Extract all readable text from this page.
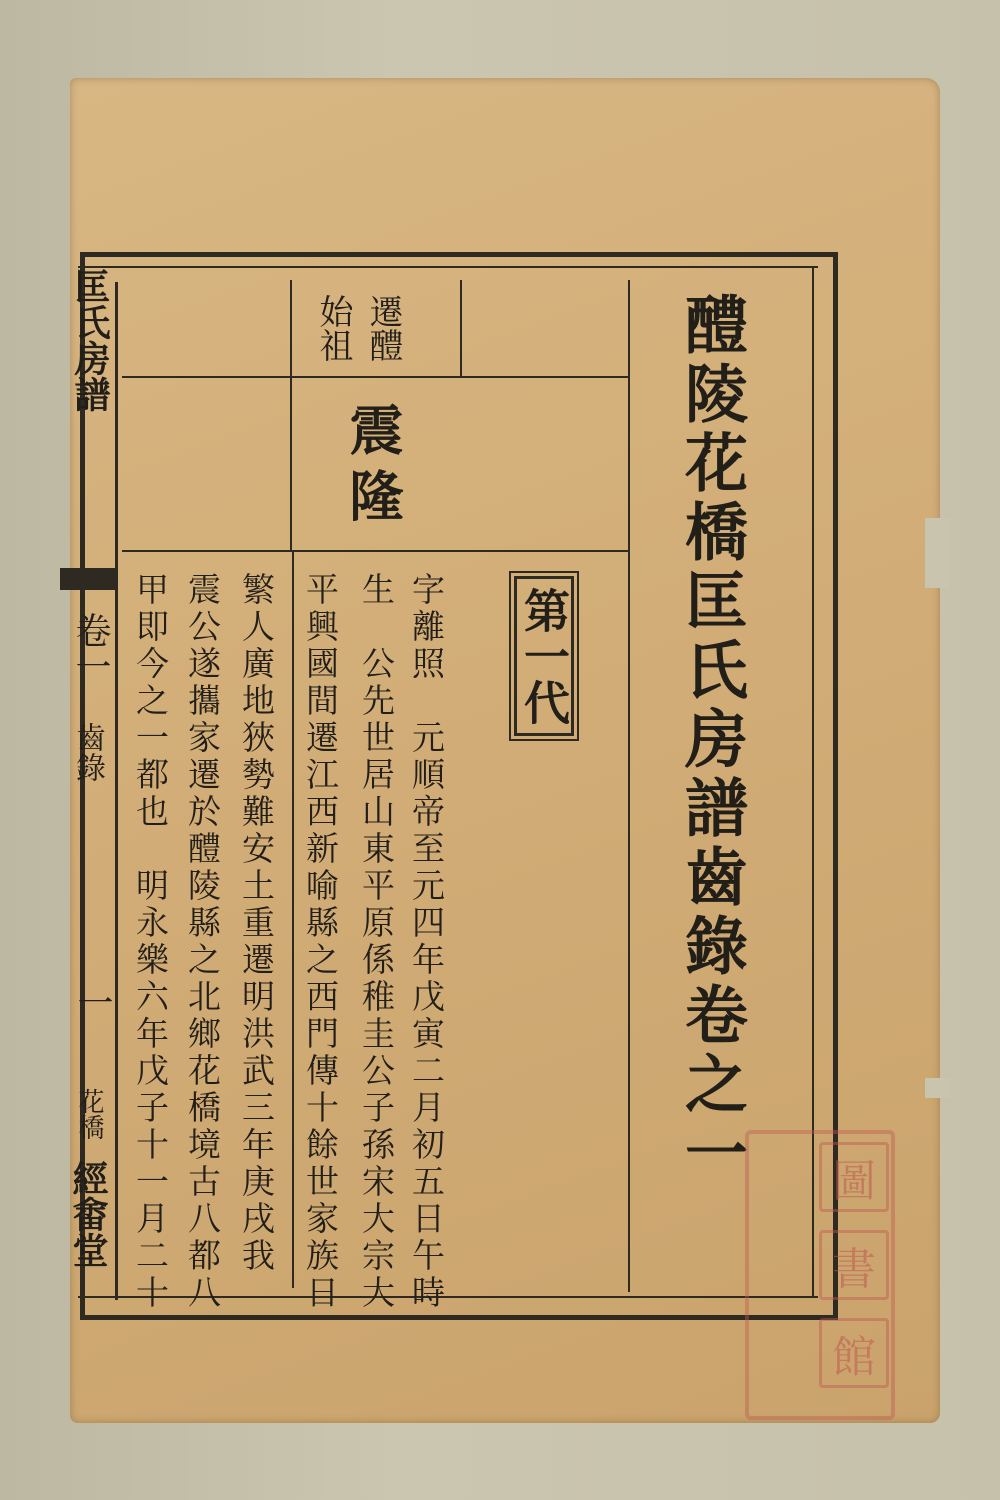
醴陵花橋匡氏房譜齒錄卷之一
第一代
遷醴
始祖
震隆
字離照　元順帝至元四年戊寅二月初五日午時
生　公先世居山東平原係稚圭公子孫宋大宗大
平興國間遷江西新喻縣之西門傳十餘世家族日
繁人廣地狹勢難安土重遷明洪武三年庚戌我
震公遂攜家遷於醴陵縣之北鄉花橋境古八都八
甲即今之一都也　明永樂六年戊子十一月二十
匡氏房譜
卷一
齒錄
一
花橋
經畬堂	圖
書
館
